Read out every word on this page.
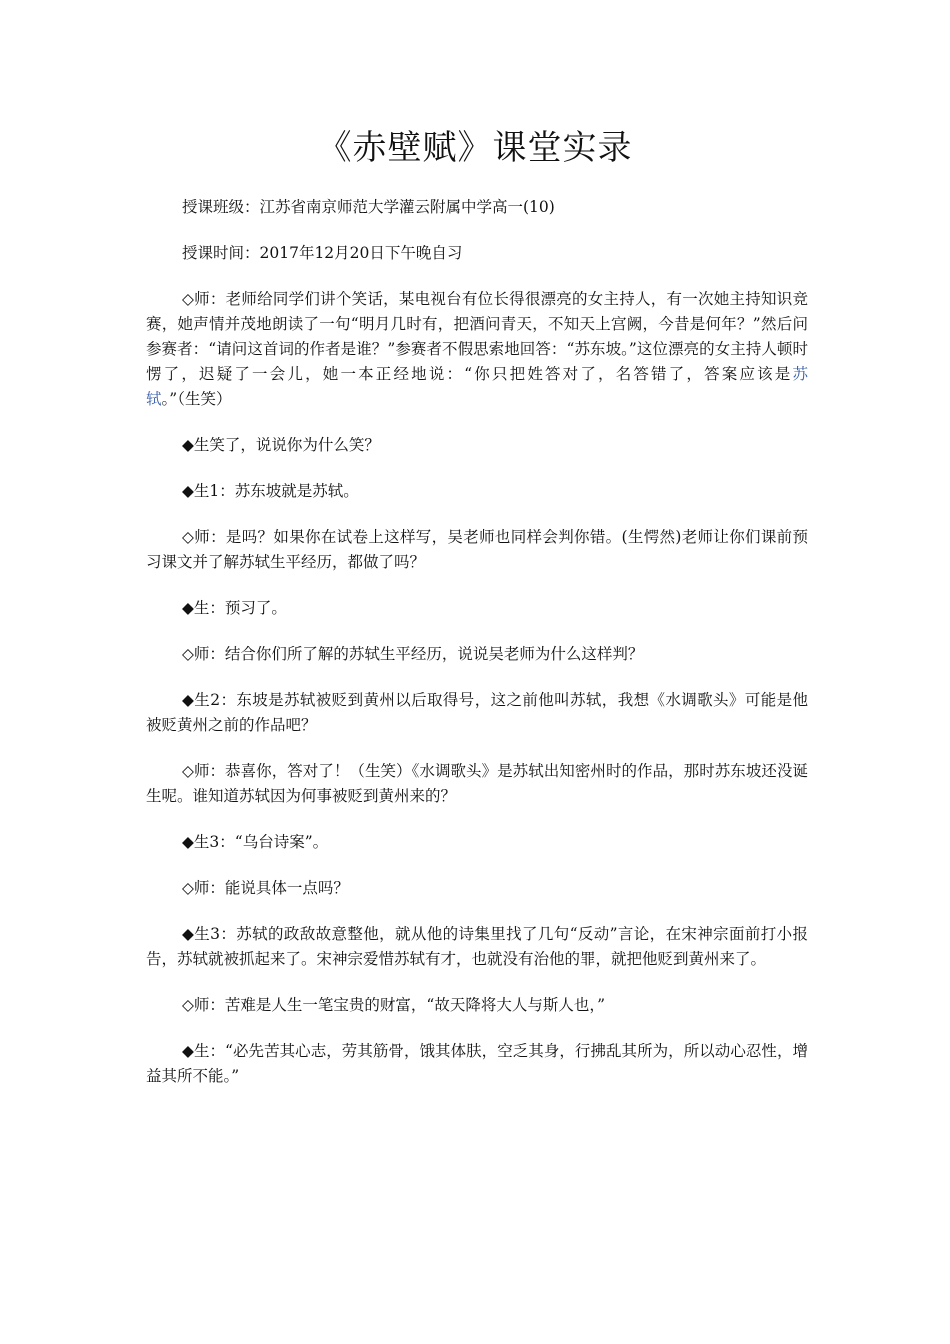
《赤壁赋》课堂实录

授课班级：江苏省南京师范大学灌云附属中学高一(10)

授课时间：2017年12月20日下午晚自习

◇师：老师给同学们讲个笑话，某电视台有位长得很漂亮的女主持人，有一次她主持知识竞赛，她声情并茂地朗读了一句“明月几时有，把酒问青天，不知天上宫阙，今昔是何年？”然后问参赛者：“请问这首词的作者是谁？”参赛者不假思索地回答：“苏东坡。”这位漂亮的女主持人顿时愣了，迟疑了一会儿，她一本正经地说：“你只把姓答对了，名答错了，答案应该是苏轼。”（生笑）

◆生笑了，说说你为什么笑？

◆生1：苏东坡就是苏轼。

◇师：是吗？如果你在试卷上这样写，吴老师也同样会判你错。(生愕然)老师让你们课前预习课文并了解苏轼生平经历，都做了吗？

◆生：预习了。

◇师：结合你们所了解的苏轼生平经历，说说吴老师为什么这样判？

◆生2：东坡是苏轼被贬到黄州以后取得号，这之前他叫苏轼，我想《水调歌头》可能是他被贬黄州之前的作品吧？

◇师：恭喜你，答对了！（生笑）《水调歌头》是苏轼出知密州时的作品，那时苏东坡还没诞生呢。谁知道苏轼因为何事被贬到黄州来的？

◆生3：“乌台诗案”。

◇师：能说具体一点吗？

◆生3：苏轼的政敌故意整他，就从他的诗集里找了几句“反动”言论，在宋神宗面前打小报告，苏轼就被抓起来了。宋神宗爱惜苏轼有才，也就没有治他的罪，就把他贬到黄州来了。

◇师：苦难是人生一笔宝贵的财富，“故天降将大人与斯人也，”

◆生：“必先苦其心志，劳其筋骨，饿其体肤，空乏其身，行拂乱其所为，所以动心忍性，增益其所不能。”
